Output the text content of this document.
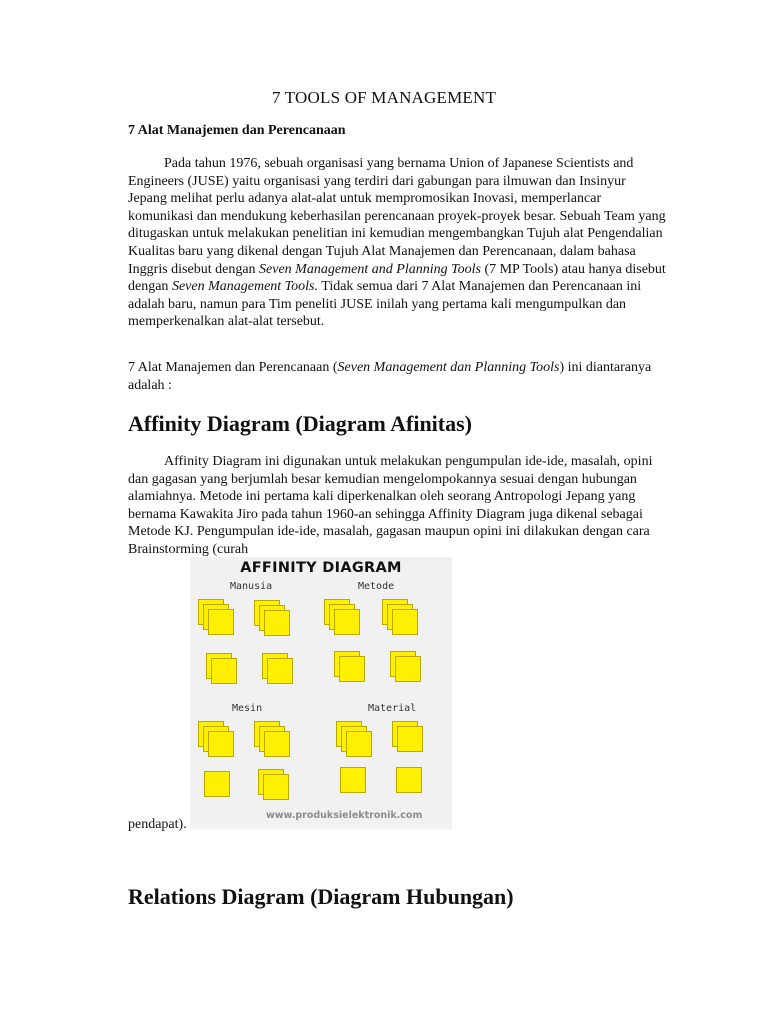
7 TOOLS OF MANAGEMENT
7 Alat Manajemen dan Perencanaan

Pada tahun 1976, sebuah organisasi yang bernama Union of Japanese Scientists and Engineers (JUSE) yaitu organisasi yang terdiri dari gabungan para ilmuwan dan Insinyur Jepang melihat perlu adanya alat-alat untuk mempromosikan Inovasi, memperlancar komunikasi dan mendukung keberhasilan perencanaan proyek-proyek besar. Sebuah Team yang ditugaskan untuk melakukan penelitian ini kemudian mengembangkan Tujuh alat Pengendalian Kualitas baru yang dikenal dengan Tujuh Alat Manajemen dan Perencanaan, dalam bahasa Inggris disebut dengan Seven Management and Planning Tools (7 MP Tools) atau hanya disebut dengan Seven Management Tools. Tidak semua dari 7 Alat Manajemen dan Perencanaan ini adalah baru, namun para Tim peneliti JUSE inilah yang pertama kali mengumpulkan dan memperkenalkan alat-alat tersebut.

7 Alat Manajemen dan Perencanaan (Seven Management dan Planning Tools) ini diantaranya adalah :

Affinity Diagram (Diagram Afinitas)

Affinity Diagram ini digunakan untuk melakukan pengumpulan ide-ide, masalah, opini dan gagasan yang berjumlah besar kemudian mengelompokannya sesuai dengan hubungan alamiahnya. Metode ini pertama kali diperkenalkan oleh seorang Antropologi Jepang yang bernama Kawakita Jiro pada tahun 1960-an sehingga Affinity Diagram juga dikenal sebagai Metode KJ. Pengumpulan ide-ide, masalah, gagasan maupun opini ini dilakukan dengan cara Brainstorming (curah

AFFINITY DIAGRAM
Manusia	Metode
Mesin	Material
www.produksielektronik.com
pendapat).
Relations Diagram (Diagram Hubungan)
